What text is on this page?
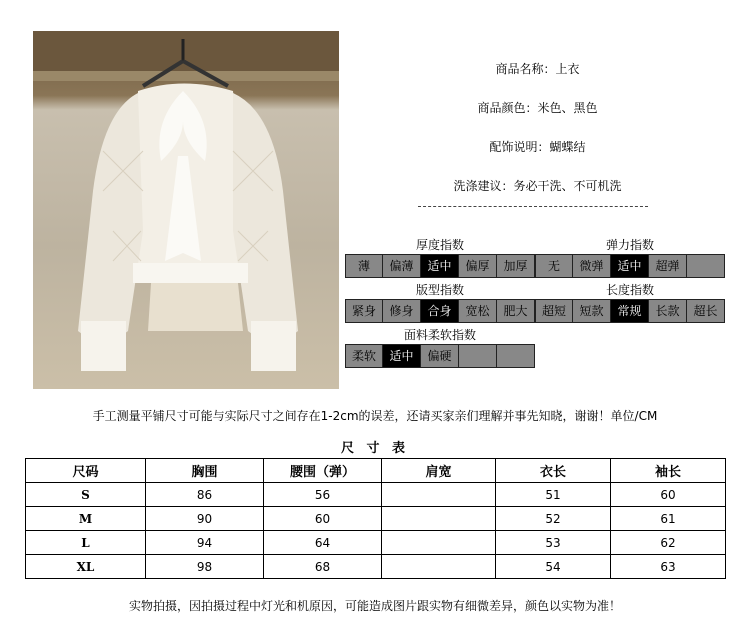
商品名称：上衣
商品颜色：米色、黑色
配饰说明：蝴蝶结
洗涤建议：务必干洗、不可机洗
厚度指数
薄	偏薄	适中	偏厚	加厚
弹力指数
无	微弹	适中	超弹
版型指数
紧身	修身	合身	宽松	肥大
长度指数
超短	短款	常规	长款	超长
面料柔软指数
柔软	适中	偏硬
手工测量平铺尺寸可能与实际尺寸之间存在1-2cm的误差，还请买家亲们理解并事先知晓，谢谢！单位/CM
尺 寸 表
尺码	胸围	腰围（弹）	肩宽	衣长	袖长
S	86	56		51	60
M	90	60		52	61
L	94	64		53	62
XL	98	68		54	63
实物拍摄，因拍摄过程中灯光和机原因，可能造成图片跟实物有细微差异，颜色以实物为准！
